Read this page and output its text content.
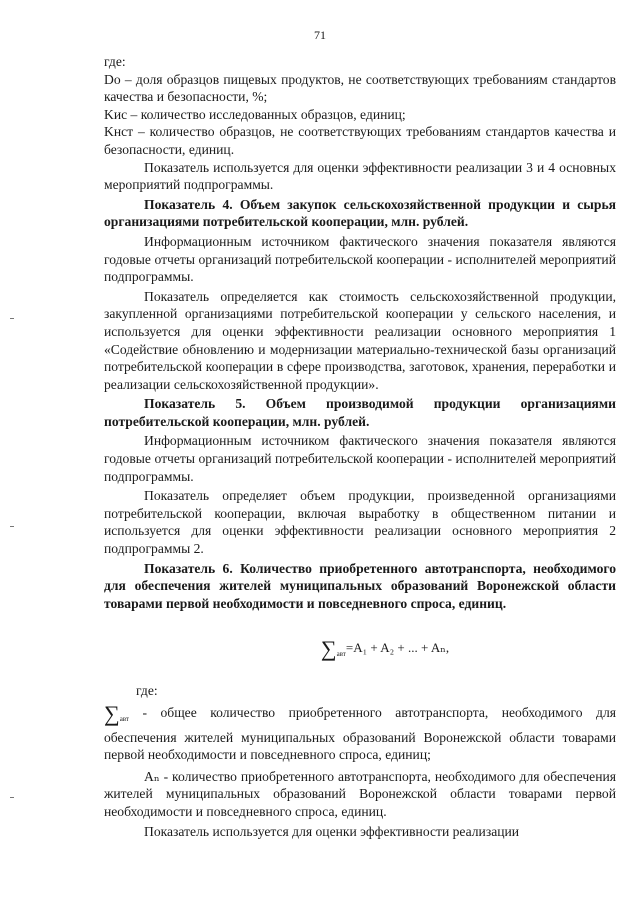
71

где:

Dо – доля образцов пищевых продуктов, не соответствующих требованиям стандартов качества и безопасности, %;

Kис – количество исследованных образцов, единиц;

Kнст – количество образцов, не соответствующих требованиям стандартов качества и безопасности, единиц.

Показатель используется для оценки эффективности реализации 3 и 4 основных мероприятий подпрограммы.

Показатель 4. Объем закупок сельскохозяйственной продукции и сырья организациями потребительской кооперации, млн. рублей.

Информационным источником фактического значения показателя являются годовые отчеты организаций потребительской кооперации - исполнителей мероприятий подпрограммы.

Показатель определяется как стоимость сельскохозяйственной продукции, закупленной организациями потребительской кооперации у сельского населения, и используется для оценки эффективности реализации основного мероприятия 1 «Содействие обновлению и модернизации материально-технической базы организаций потребительской кооперации в сфере производства, заготовок, хранения, переработки и реализации сельскохозяйственной продукции».

Показатель 5. Объем производимой продукции организациями потребительской кооперации, млн. рублей.

Информационным источником фактического значения показателя являются годовые отчеты организаций потребительской кооперации - исполнителей мероприятий подпрограммы.

Показатель определяет объем продукции, произведенной организациями потребительской кооперации, включая выработку в общественном питании и используется для оценки эффективности реализации основного мероприятия 2 подпрограммы 2.

Показатель 6. Количество приобретенного автотранспорта, необходимого для обеспечения жителей муниципальных образований Воронежской области товарами первой необходимости и повседневного спроса, единиц.

$\sum_{авт}=A_1 + A_2$ + ... + Aₙ,

где:

$\sum_{авт}$ - общее количество приобретенного автотранспорта, необходимого для обеспечения жителей муниципальных образований Воронежской области товарами первой необходимости и повседневного спроса, единиц;

Aₙ - количество приобретенного автотранспорта, необходимого для обеспечения жителей муниципальных образований Воронежской области товарами первой необходимости и повседневного спроса, единиц.

Показатель используется для оценки эффективности реализации
